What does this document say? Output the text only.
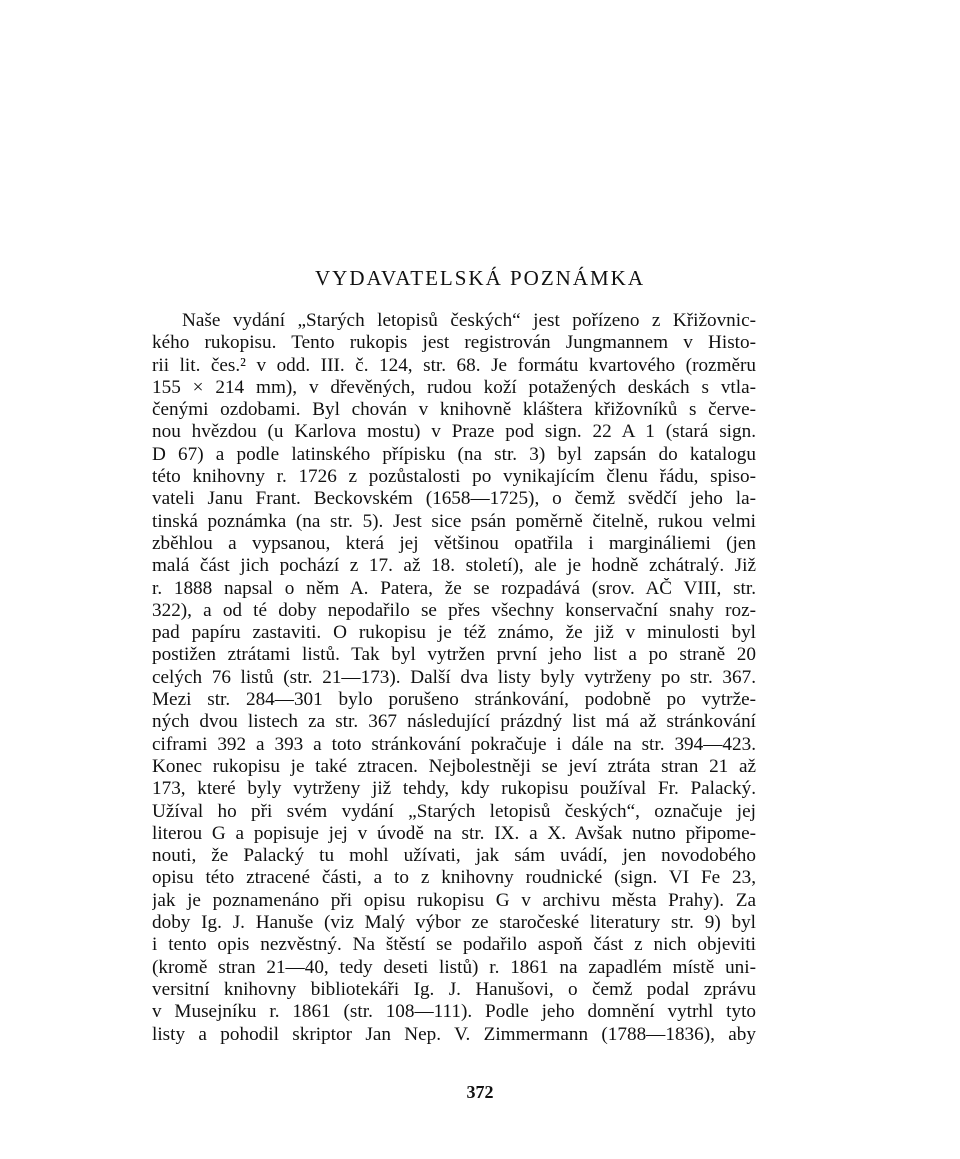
VYDAVATELSKÁ POZNÁMKA
Naše vydání „Starých letopisů českých“ jest pořízeno z Křižovnic-
kého rukopisu. Tento rukopis jest registrován Jungmannem v Histo-
rii lit. čes.² v odd. III. č. 124, str. 68. Je formátu kvartového (rozměru
155 × 214 mm), v dřevěných, rudou koží potažených deskách s vtla-
čenými ozdobami. Byl chován v knihovně kláštera křižovníků s červe-
nou hvězdou (u Karlova mostu) v Praze pod sign. 22 A 1 (stará sign.
D 67) a podle latinského přípisku (na str. 3) byl zapsán do katalogu
této knihovny r. 1726 z pozůstalosti po vynikajícím členu řádu, spiso-
vateli Janu Frant. Beckovském (1658—1725), o čemž svědčí jeho la-
tinská poznámka (na str. 5). Jest sice psán poměrně čitelně, rukou velmi
zběhlou a vypsanou, která jej většinou opatřila i margináliemi (jen
malá část jich pochází z 17. až 18. století), ale je hodně zchátralý. Již
r. 1888 napsal o něm A. Patera, že se rozpadává (srov. AČ VIII, str.
322), a od té doby nepodařilo se přes všechny konservační snahy roz-
pad papíru zastaviti. O rukopisu je též známo, že již v minulosti byl
postižen ztrátami listů. Tak byl vytržen první jeho list a po straně 20
celých 76 listů (str. 21—173). Další dva listy byly vytrženy po str. 367.
Mezi str. 284—301 bylo porušeno stránkování, podobně po vytrže-
ných dvou listech za str. 367 následující prázdný list má až stránkování
ciframi 392 a 393 a toto stránkování pokračuje i dále na str. 394—423.
Konec rukopisu je také ztracen. Nejbolestněji se jeví ztráta stran 21 až
173, které byly vytrženy již tehdy, kdy rukopisu používal Fr. Palacký.
Užíval ho při svém vydání „Starých letopisů českých“, označuje jej
literou G a popisuje jej v úvodě na str. IX. a X. Avšak nutno připome-
nouti, že Palacký tu mohl užívati, jak sám uvádí, jen novodobého
opisu této ztracené části, a to z knihovny roudnické (sign. VI Fe 23,
jak je poznamenáno při opisu rukopisu G v archivu města Prahy). Za
doby Ig. J. Hanuše (viz Malý výbor ze staročeské literatury str. 9) byl
i tento opis nezvěstný. Na štěstí se podařilo aspoň část z nich objeviti
(kromě stran 21—40, tedy deseti listů) r. 1861 na zapadlém místě uni-
versitní knihovny bibliotekáři Ig. J. Hanušovi, o čemž podal zprávu
v Musejníku r. 1861 (str. 108—111). Podle jeho domnění vytrhl tyto
listy a pohodil skriptor Jan Nep. V. Zimmermann (1788—1836), aby
372
